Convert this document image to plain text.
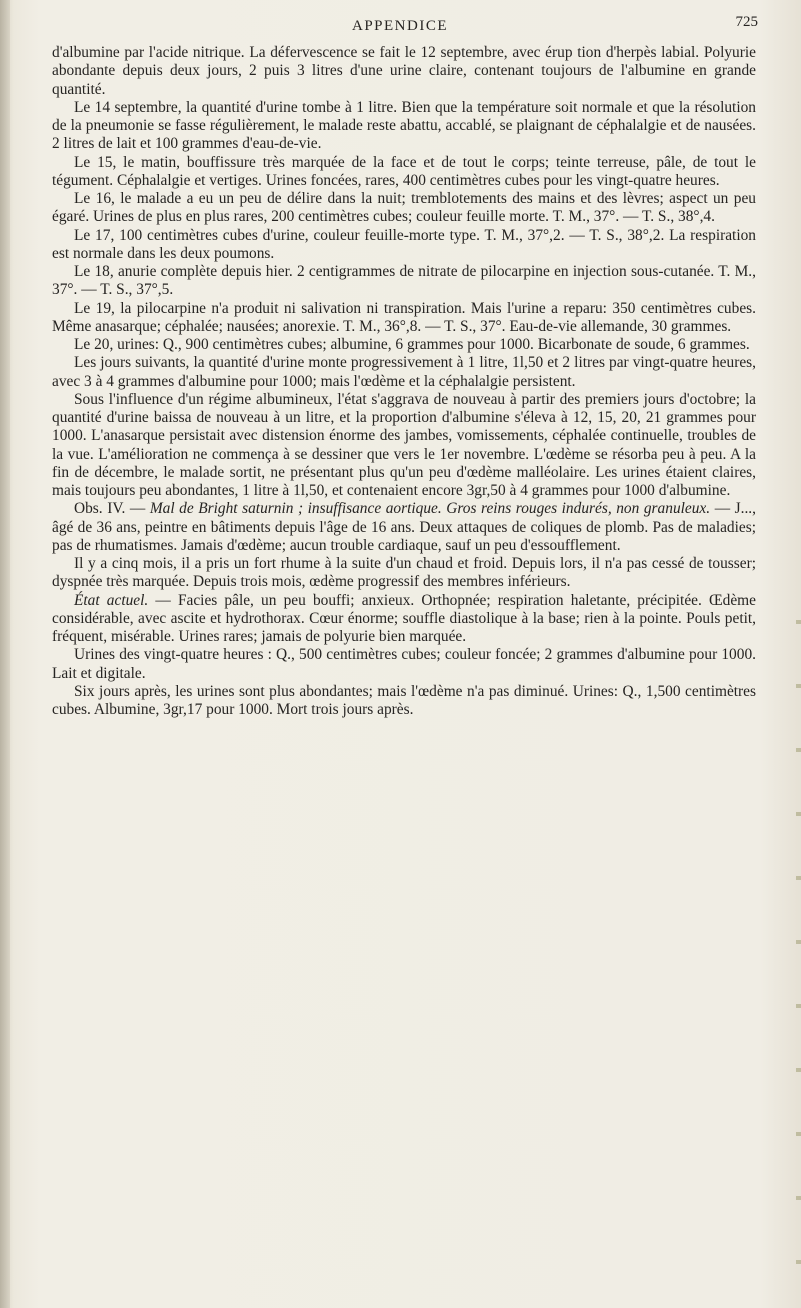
APPENDICE	725

d'albumine par l'acide nitrique. La défervescence se fait le 12 septembre, avec érup tion d'herpès labial. Polyurie abondante depuis deux jours, 2 puis 3 litres d'une urine claire, contenant toujours de l'albumine en grande quantité.

Le 14 septembre, la quantité d'urine tombe à 1 litre. Bien que la température soit normale et que la résolution de la pneumonie se fasse régulièrement, le malade reste abattu, accablé, se plaignant de céphalalgie et de nausées. 2 litres de lait et 100 grammes d'eau-de-vie.

Le 15, le matin, bouffissure très marquée de la face et de tout le corps; teinte terreuse, pâle, de tout le tégument. Céphalalgie et vertiges. Urines foncées, rares, 400 centimètres cubes pour les vingt-quatre heures.

Le 16, le malade a eu un peu de délire dans la nuit; tremblotements des mains et des lèvres; aspect un peu égaré. Urines de plus en plus rares, 200 centimètres cubes; couleur feuille morte. T. M., 37°. — T. S., 38°,4.

Le 17, 100 centimètres cubes d'urine, couleur feuille-morte type. T. M., 37°,2. — T. S., 38°,2. La respiration est normale dans les deux poumons.

Le 18, anurie complète depuis hier. 2 centigrammes de nitrate de pilocarpine en injection sous-cutanée. T. M., 37°. — T. S., 37°,5.

Le 19, la pilocarpine n'a produit ni salivation ni transpiration. Mais l'urine a reparu: 350 centimètres cubes. Même anasarque; céphalée; nausées; anorexie. T. M., 36°,8. — T. S., 37°. Eau-de-vie allemande, 30 grammes.

Le 20, urines: Q., 900 centimètres cubes; albumine, 6 grammes pour 1000. Bicarbonate de soude, 6 grammes.

Les jours suivants, la quantité d'urine monte progressivement à 1 litre, 1l,50 et 2 litres par vingt-quatre heures, avec 3 à 4 grammes d'albumine pour 1000; mais l'œdème et la céphalalgie persistent.

Sous l'influence d'un régime albumineux, l'état s'aggrava de nouveau à partir des premiers jours d'octobre; la quantité d'urine baissa de nouveau à un litre, et la proportion d'albumine s'éleva à 12, 15, 20, 21 grammes pour 1000. L'anasarque persistait avec distension énorme des jambes, vomissements, céphalée continuelle, troubles de la vue. L'amélioration ne commença à se dessiner que vers le 1er novembre. L'œdème se résorba peu à peu. A la fin de décembre, le malade sortit, ne présentant plus qu'un peu d'œdème malléolaire. Les urines étaient claires, mais toujours peu abondantes, 1 litre à 1l,50, et contenaient encore 3gr,50 à 4 grammes pour 1000 d'albumine.

Obs. IV. — Mal de Bright saturnin ; insuffisance aortique. Gros reins rouges indurés, non granuleux. — J..., âgé de 36 ans, peintre en bâtiments depuis l'âge de 16 ans. Deux attaques de coliques de plomb. Pas de maladies; pas de rhumatismes. Jamais d'œdème; aucun trouble cardiaque, sauf un peu d'essoufflement.

Il y a cinq mois, il a pris un fort rhume à la suite d'un chaud et froid. Depuis lors, il n'a pas cessé de tousser; dyspnée très marquée. Depuis trois mois, œdème progressif des membres inférieurs.

État actuel. — Facies pâle, un peu bouffi; anxieux. Orthopnée; respiration haletante, précipitée. Œdème considérable, avec ascite et hydrothorax. Cœur énorme; souffle diastolique à la base; rien à la pointe. Pouls petit, fréquent, misérable. Urines rares; jamais de polyurie bien marquée.

Urines des vingt-quatre heures : Q., 500 centimètres cubes; couleur foncée; 2 grammes d'albumine pour 1000. Lait et digitale.

Six jours après, les urines sont plus abondantes; mais l'œdème n'a pas diminué. Urines: Q., 1,500 centimètres cubes. Albumine, 3gr,17 pour 1000. Mort trois jours après.
